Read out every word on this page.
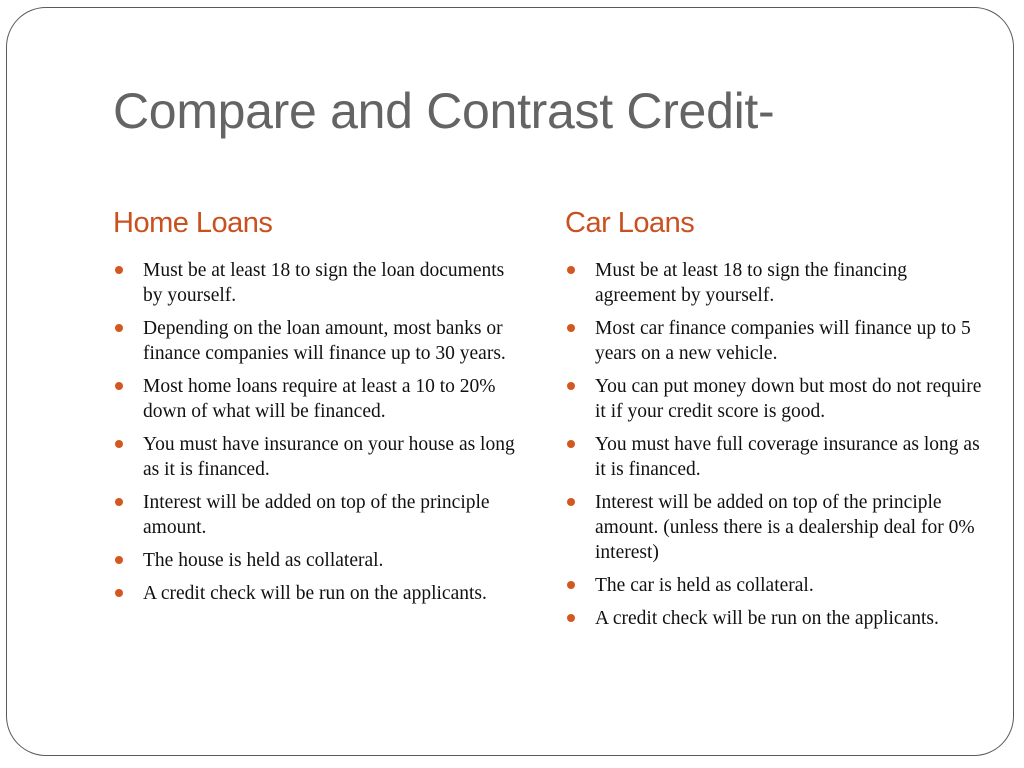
Compare and Contrast Credit-
Home Loans
Must be at least 18 to sign the loan documents by yourself.
Depending on the loan amount, most banks or finance companies will finance up to 30 years.
Most home loans require at least a 10 to 20% down of what will be financed.
You must have insurance on your house as long as it is financed.
Interest will be added on top of the principle amount.
The house is held as collateral.
A credit check will be run on the applicants.
Car Loans
Must be at least 18 to sign the financing agreement by yourself.
Most car finance companies will finance up to 5 years on a new vehicle.
You can put money down but most do not require it if your credit score is good.
You must have full coverage insurance as long as it is financed.
Interest will be added on top of the principle amount. (unless there is a dealership deal for 0% interest)
The car is held as collateral.
A credit check will be run on the applicants.
